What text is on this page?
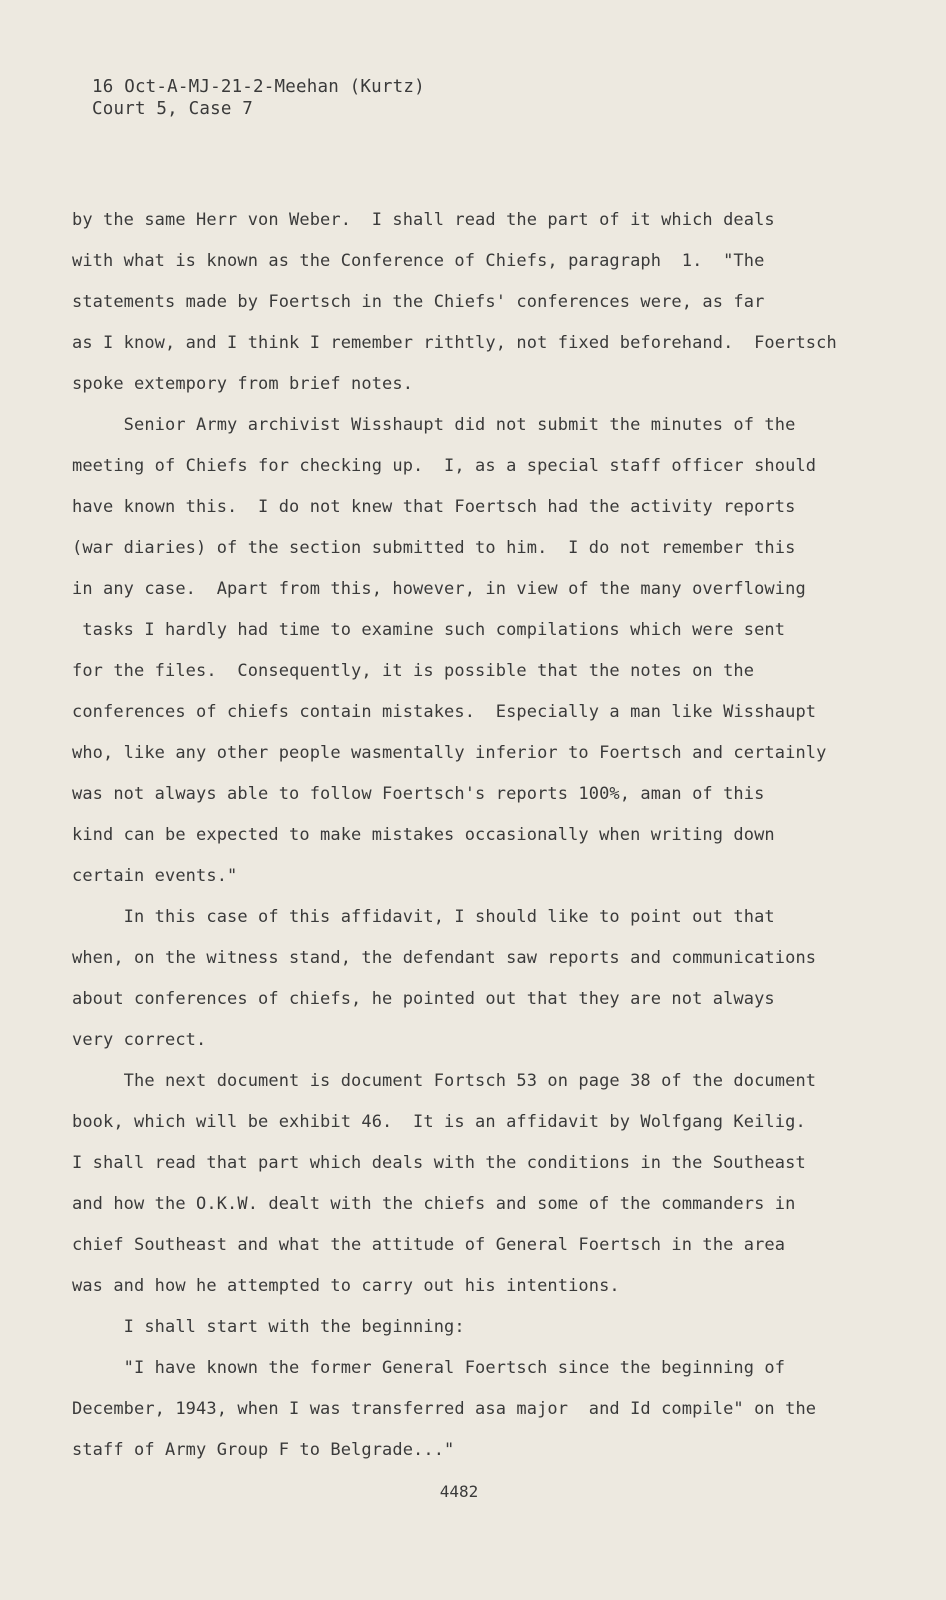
16 Oct-A-MJ-21-2-Meehan (Kurtz)
Court 5, Case 7
by the same Herr von Weber.  I shall read the part of it which deals
with what is known as the Conference of Chiefs, paragraph  1.  "The
statements made by Foertsch in the Chiefs' conferences were, as far
as I know, and I think I remember rithtly, not fixed beforehand.  Foertsch
spoke extempory from brief notes.
Senior Army archivist Wisshaupt did not submit the minutes of the
meeting of Chiefs for checking up.  I, as a special staff officer should
have known this.  I do not knew that Foertsch had the activity reports
(war diaries) of the section submitted to him.  I do not remember this
in any case.  Apart from this, however, in view of the many overflowing
tasks I hardly had time to examine such compilations which were sent
for the files.  Consequently, it is possible that the notes on the
conferences of chiefs contain mistakes.  Especially a man like Wisshaupt
who, like any other people wasmentally inferior to Foertsch and certainly
was not always able to follow Foertsch's reports 100%, aman of this
kind can be expected to make mistakes occasionally when writing down
certain events."
In this case of this affidavit, I should like to point out that
when, on the witness stand, the defendant saw reports and communications
about conferences of chiefs, he pointed out that they are not always
very correct.
The next document is document Fortsch 53 on page 38 of the document
book, which will be exhibit 46.  It is an affidavit by Wolfgang Keilig.
I shall read that part which deals with the conditions in the Southeast
and how the O.K.W. dealt with the chiefs and some of the commanders in
chief Southeast and what the attitude of General Foertsch in the area
was and how he attempted to carry out his intentions.
I shall start with the beginning:
"I have known the former General Foertsch since the beginning of
December, 1943, when I was transferred asa major  and Id compile" on the
staff of Army Group F to Belgrade..."
4482
